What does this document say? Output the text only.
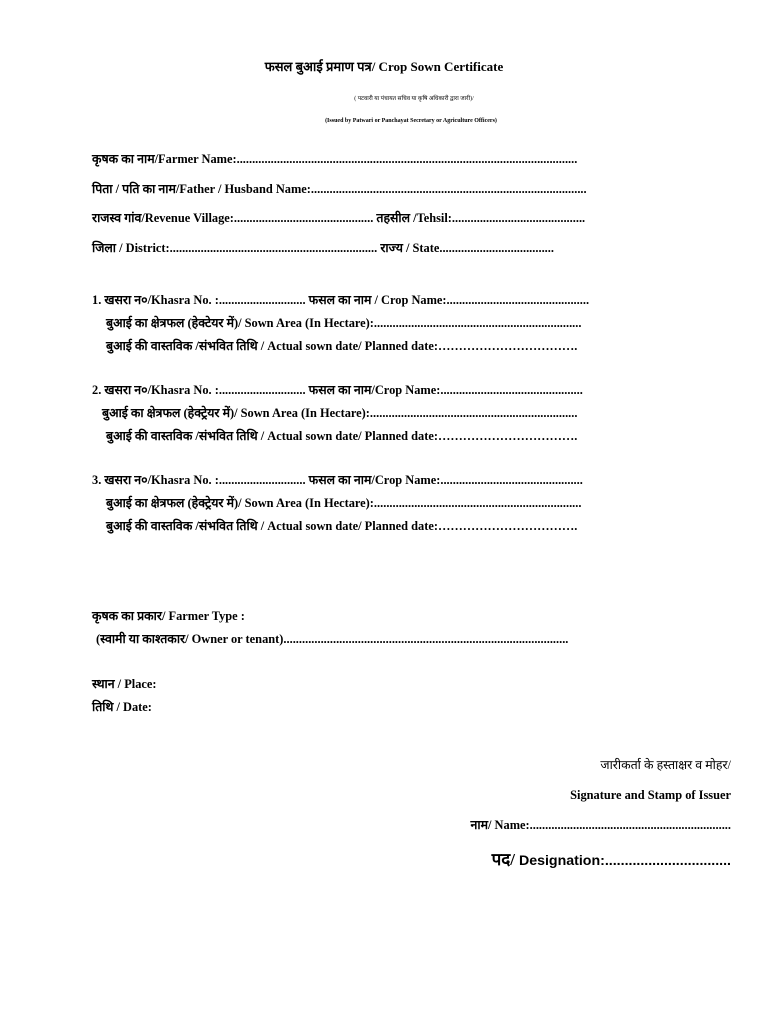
फसल बुआई प्रमाण पत्र/ Crop Sown Certificate
( पटवारी या पंचायत सचिव या कृषि अधिकारी द्वारा जारी)/
(Issued by Patwari or Panchayat Secretary or Agriculture Officers)
कृषक का नाम/Farmer Name:..............................................................................................................
पिता / पति का नाम/Father / Husband Name:.........................................................................................
राजस्व गांव/Revenue Village:............................................. तहसील /Tehsil:...........................................
जिला / District:................................................................... राज्य / State.....................................
1. खसरा न०/Khasra No. :............................ फसल का नाम / Crop Name:..............................................
बुआई का क्षेत्रफल (हेक्टेयर में)/ Sown Area (In Hectare):...................................................................
बुआई की वास्तविक /संभवित तिथि / Actual sown date/ Planned date:…………………………….
2. खसरा न०/Khasra No. :............................ फसल का नाम/Crop Name:..............................................
बुआई का क्षेत्रफल (हेक्ट्रेयर में)/ Sown Area (In Hectare):...................................................................
बुआई की वास्तविक /संभवित तिथि / Actual sown date/ Planned date:…………………………….
3. खसरा न०/Khasra No. :............................ फसल का नाम/Crop Name:..............................................
बुआई का क्षेत्रफल (हेक्ट्रेयर में)/ Sown Area (In Hectare):...................................................................
बुआई की वास्तविक /संभवित तिथि / Actual sown date/ Planned date:…………………………….
कृषक का प्रकार/ Farmer Type :
(स्वामी या काश्तकार/ Owner or tenant)............................................................................................
स्थान / Place:
तिथि / Date:
जारीकर्ता के हस्ताक्षर व मोहर/
Signature and Stamp of Issuer
नाम/ Name:.................................................................
पद/ Designation:................................
